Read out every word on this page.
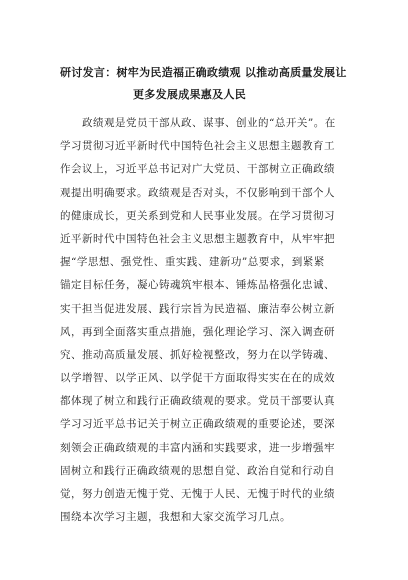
研讨发言：树牢为民造福正确政绩观 以推动高质量发展让
更多发展成果惠及人民
　　政绩观是党员干部从政、谋事、创业的“总开关”。在
学习贯彻习近平新时代中国特色社会主义思想主题教育工
作会议上，习近平总书记对广大党员、干部树立正确政绩
观提出明确要求。政绩观是否对头，不仅影响到干部个人
的健康成长，更关系到党和人民事业发展。在学习贯彻习
近平新时代中国特色社会主义思想主题教育中，从牢牢把
握“学思想、强党性、重实践、建新功”总要求，到紧紧
锚定目标任务，凝心铸魂筑牢根本、锤炼品格强化忠诚、
实干担当促进发展、践行宗旨为民造福、廉洁奉公树立新
风，再到全面落实重点措施，强化理论学习、深入调查研
究、推动高质量发展、抓好检视整改，努力在以学铸魂、
以学增智、以学正风、以学促干方面取得实实在在的成效
都体现了树立和践行正确政绩观的要求。党员干部要认真
学习习近平总书记关于树立正确政绩观的重要论述，要深
刻领会正确政绩观的丰富内涵和实践要求，进一步增强牢
固树立和践行正确政绩观的思想自觉、政治自觉和行动自
觉，努力创造无愧于党、无愧于人民、无愧于时代的业绩
围绕本次学习主题，我想和大家交流学习几点。
